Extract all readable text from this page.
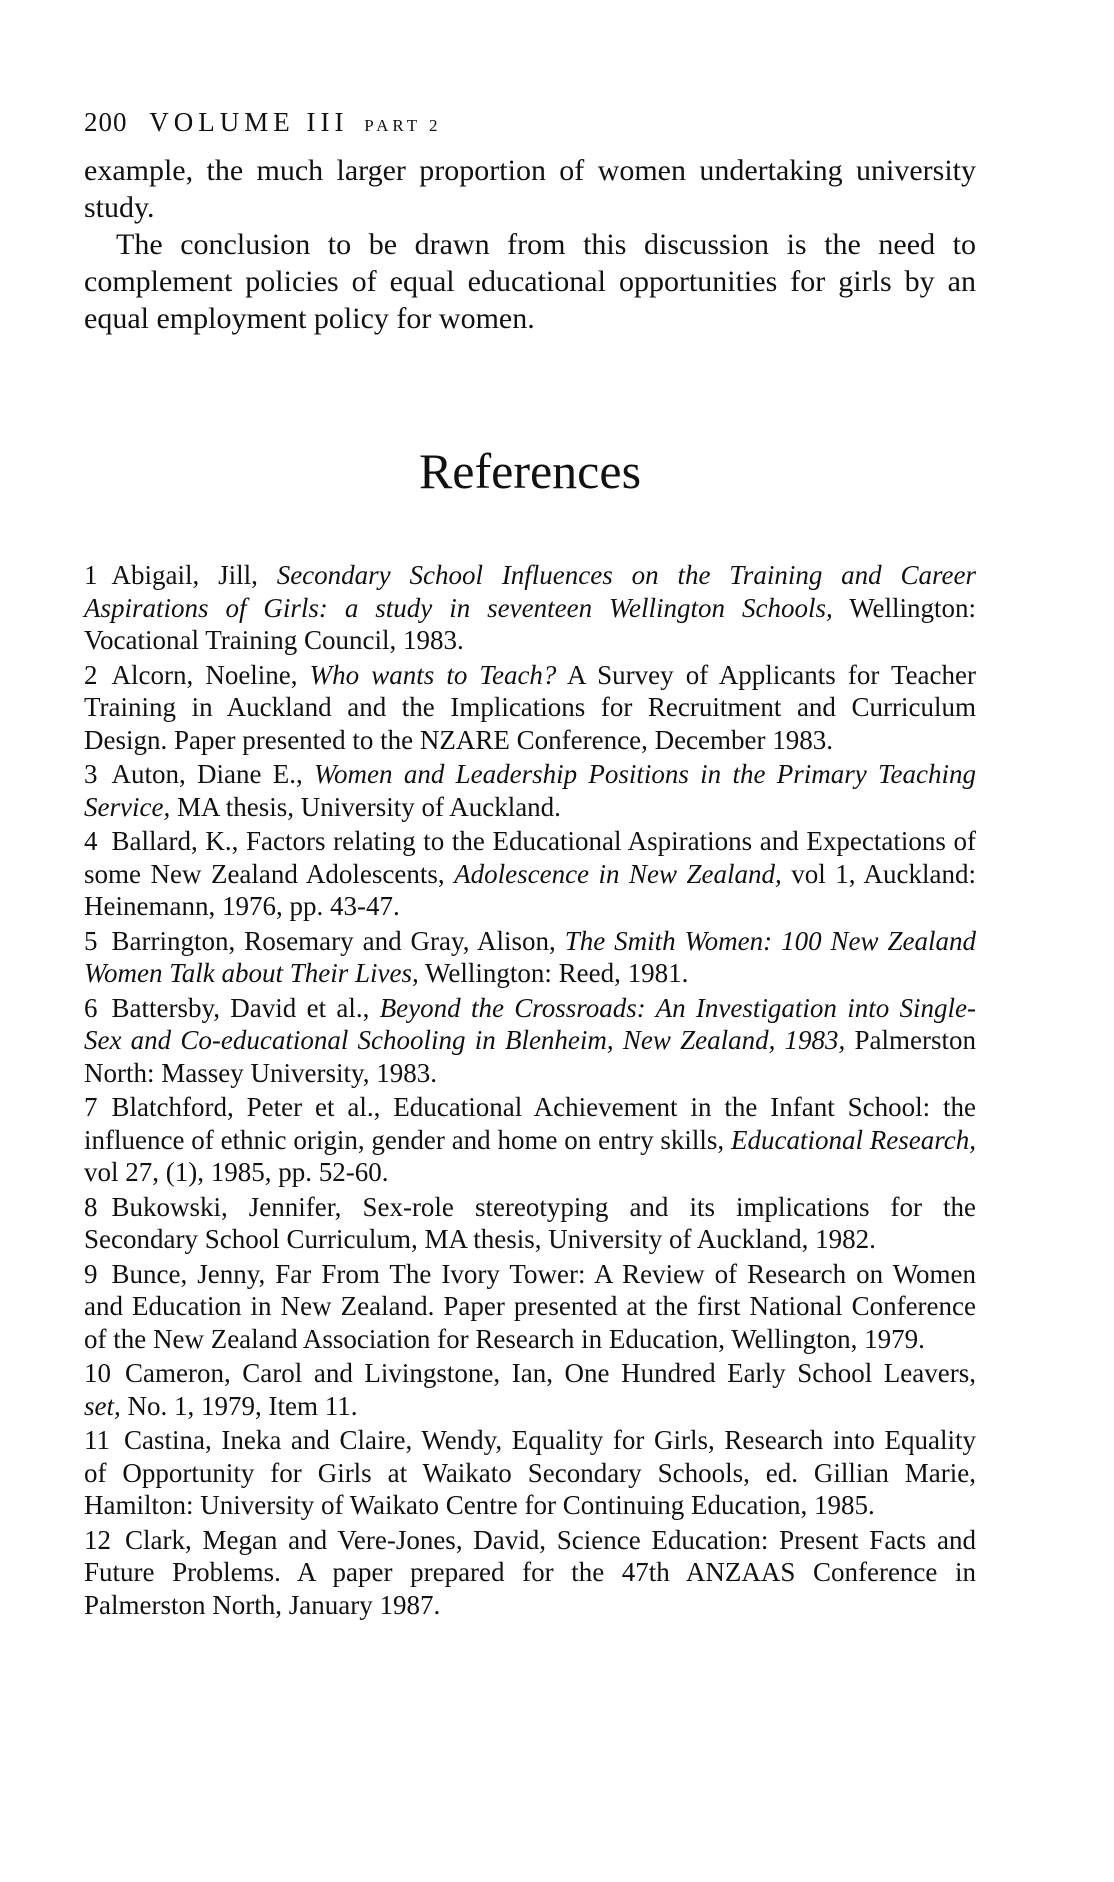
200 VOLUME III PART 2

example, the much larger proportion of women undertaking university study.

The conclusion to be drawn from this discussion is the need to complement policies of equal educational opportunities for girls by an equal employment policy for women.

References

1 Abigail, Jill, Secondary School Influences on the Training and Career Aspirations of Girls: a study in seventeen Wellington Schools, Wellington: Vocational Training Council, 1983.

2 Alcorn, Noeline, Who wants to Teach? A Survey of Applicants for Teacher Training in Auckland and the Implications for Recruitment and Curriculum Design. Paper presented to the NZARE Conference, December 1983.

3 Auton, Diane E., Women and Leadership Positions in the Primary Teaching Service, MA thesis, University of Auckland.

4 Ballard, K., Factors relating to the Educational Aspirations and Expectations of some New Zealand Adolescents, Adolescence in New Zealand, vol 1, Auckland: Heinemann, 1976, pp. 43-47.

5 Barrington, Rosemary and Gray, Alison, The Smith Women: 100 New Zealand Women Talk about Their Lives, Wellington: Reed, 1981.

6 Battersby, David et al., Beyond the Crossroads: An Investigation into Single-Sex and Co-educational Schooling in Blenheim, New Zealand, 1983, Palmerston North: Massey University, 1983.

7 Blatchford, Peter et al., Educational Achievement in the Infant School: the influence of ethnic origin, gender and home on entry skills, Educational Research, vol 27, (1), 1985, pp. 52-60.

8 Bukowski, Jennifer, Sex-role stereotyping and its implications for the Secondary School Curriculum, MA thesis, University of Auckland, 1982.

9 Bunce, Jenny, Far From The Ivory Tower: A Review of Research on Women and Education in New Zealand. Paper presented at the first National Conference of the New Zealand Association for Research in Education, Wellington, 1979.

10 Cameron, Carol and Livingstone, Ian, One Hundred Early School Leavers, set, No. 1, 1979, Item 11.

11 Castina, Ineka and Claire, Wendy, Equality for Girls, Research into Equality of Opportunity for Girls at Waikato Secondary Schools, ed. Gillian Marie, Hamilton: University of Waikato Centre for Continuing Education, 1985.

12 Clark, Megan and Vere-Jones, David, Science Education: Present Facts and Future Problems. A paper prepared for the 47th ANZAAS Conference in Palmerston North, January 1987.
